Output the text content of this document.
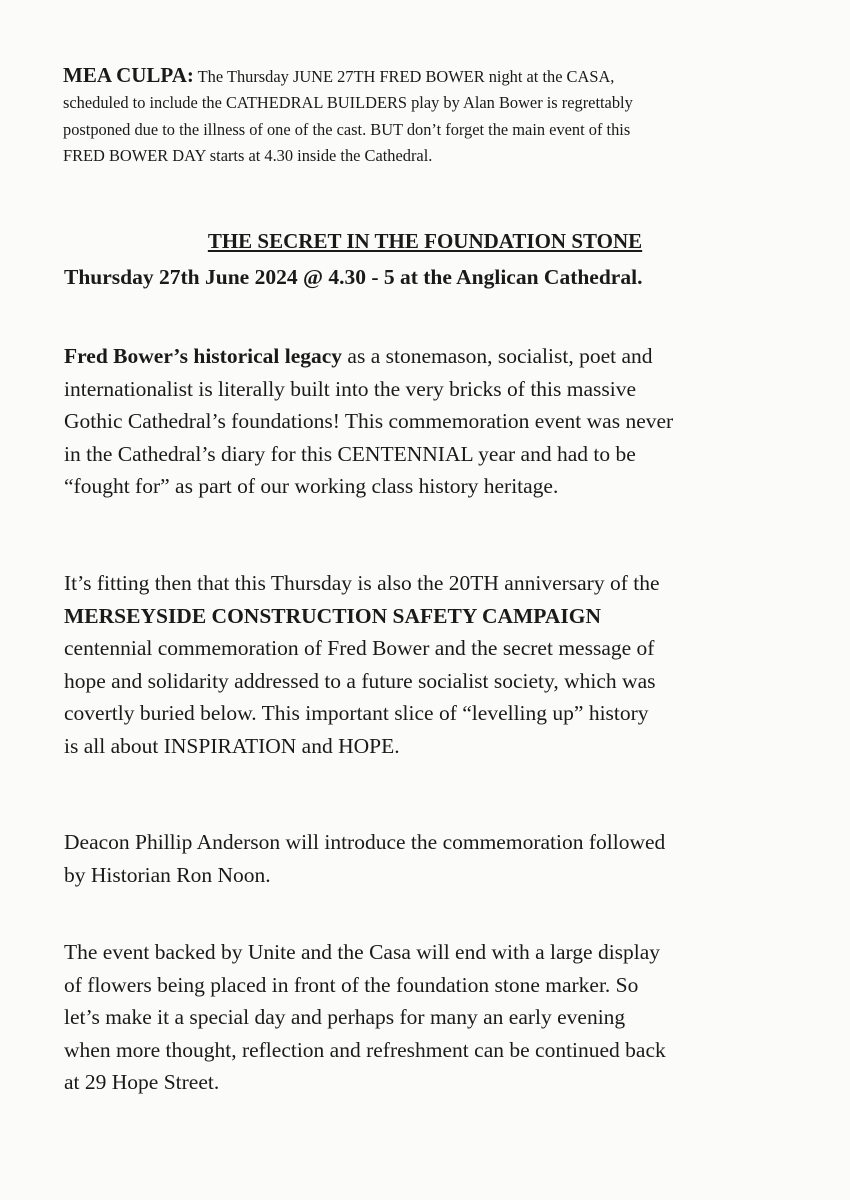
MEA CULPA: The Thursday JUNE 27TH FRED BOWER night at the CASA,
scheduled to include the CATHEDRAL BUILDERS play by Alan Bower is regrettably
postponed due to the illness of one of the cast. BUT don’t forget the main event of this
FRED BOWER DAY starts at 4.30 inside the Cathedral.

THE SECRET IN THE FOUNDATION STONE
Thursday 27th June 2024 @ 4.30 - 5 at the Anglican Cathedral.

Fred Bower’s historical legacy as a stonemason, socialist, poet and
internationalist is literally built into the very bricks of this massive
Gothic Cathedral’s foundations! This commemoration event was never
in the Cathedral’s diary for this CENTENNIAL year and had to be
“fought for” as part of our working class history heritage.

It’s fitting then that this Thursday is also the 20TH anniversary of the
MERSEYSIDE CONSTRUCTION SAFETY CAMPAIGN
centennial commemoration of Fred Bower and the secret message of
hope and solidarity addressed to a future socialist society, which was
covertly buried below. This important slice of “levelling up” history
is all about INSPIRATION and HOPE.

Deacon Phillip Anderson will introduce the commemoration followed
by Historian Ron Noon.

The event backed by Unite and the Casa will end with a large display
of flowers being placed in front of the foundation stone marker. So
let’s make it a special day and perhaps for many an early evening
when more thought, reflection and refreshment can be continued back
at 29 Hope Street.
